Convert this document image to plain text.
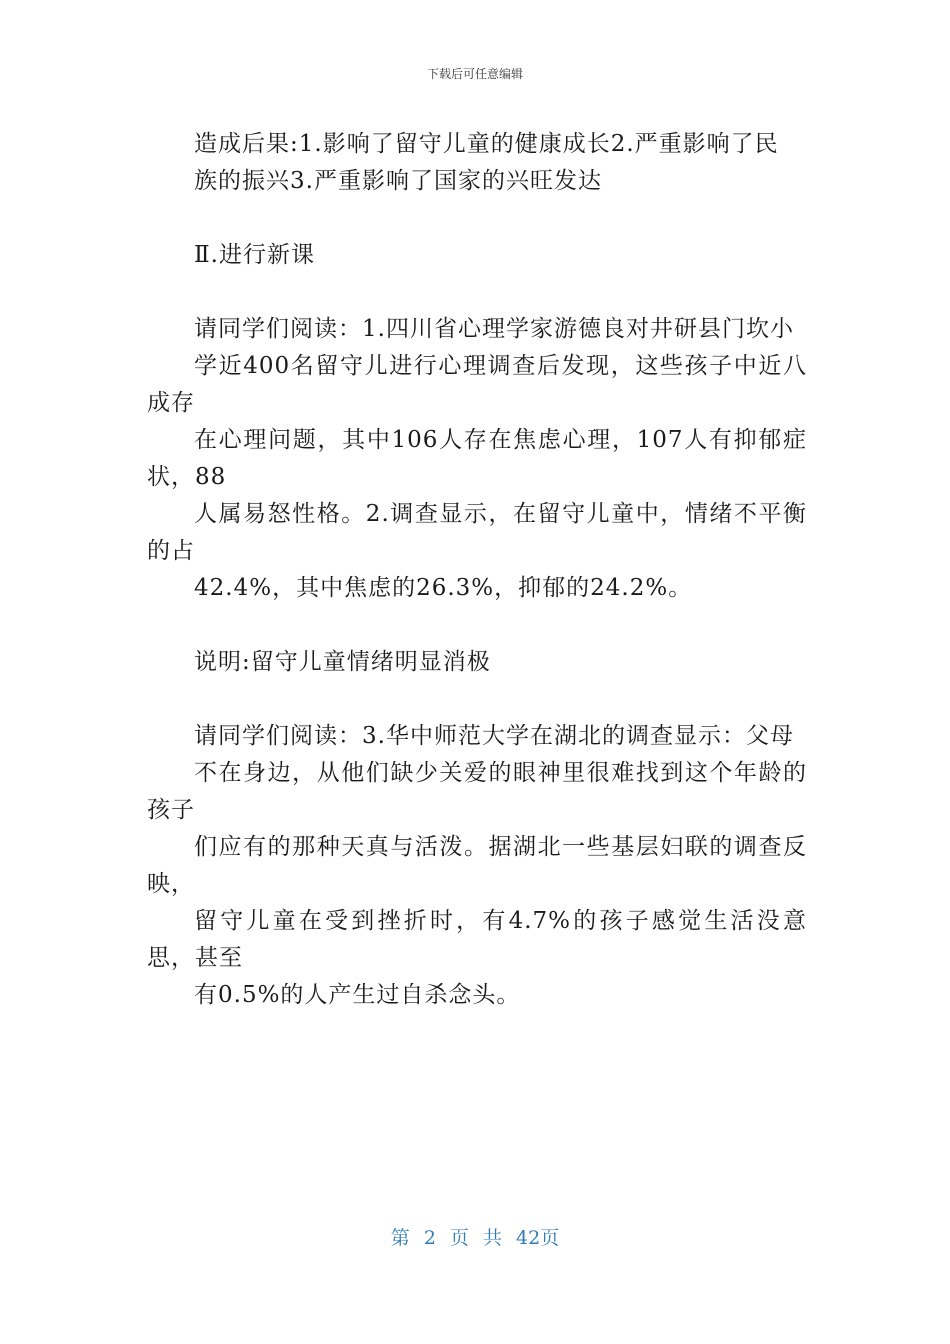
下载后可任意编辑

造成后果:1.影响了留守儿童的健康成长2.严重影响了民
族的振兴3.严重影响了国家的兴旺发达

Ⅱ.进行新课

请同学们阅读：1.四川省心理学家游德良对井研县门坎小
学近400名留守儿进行心理调查后发现，这些孩子中近八成存
在心理问题，其中106人存在焦虑心理，107人有抑郁症状，88
人属易怒性格。2.调查显示，在留守儿童中，情绪不平衡的占
42.4%，其中焦虑的26.3%，抑郁的24.2%。

说明:留守儿童情绪明显消极

请同学们阅读：3.华中师范大学在湖北的调查显示：父母
不在身边，从他们缺少关爱的眼神里很难找到这个年龄的孩子
们应有的那种天真与活泼。据湖北一些基层妇联的调查反映，
留守儿童在受到挫折时，有4.7%的孩子感觉生活没意思，甚至
有0.5%的人产生过自杀念头。

第 2 页 共 42页
